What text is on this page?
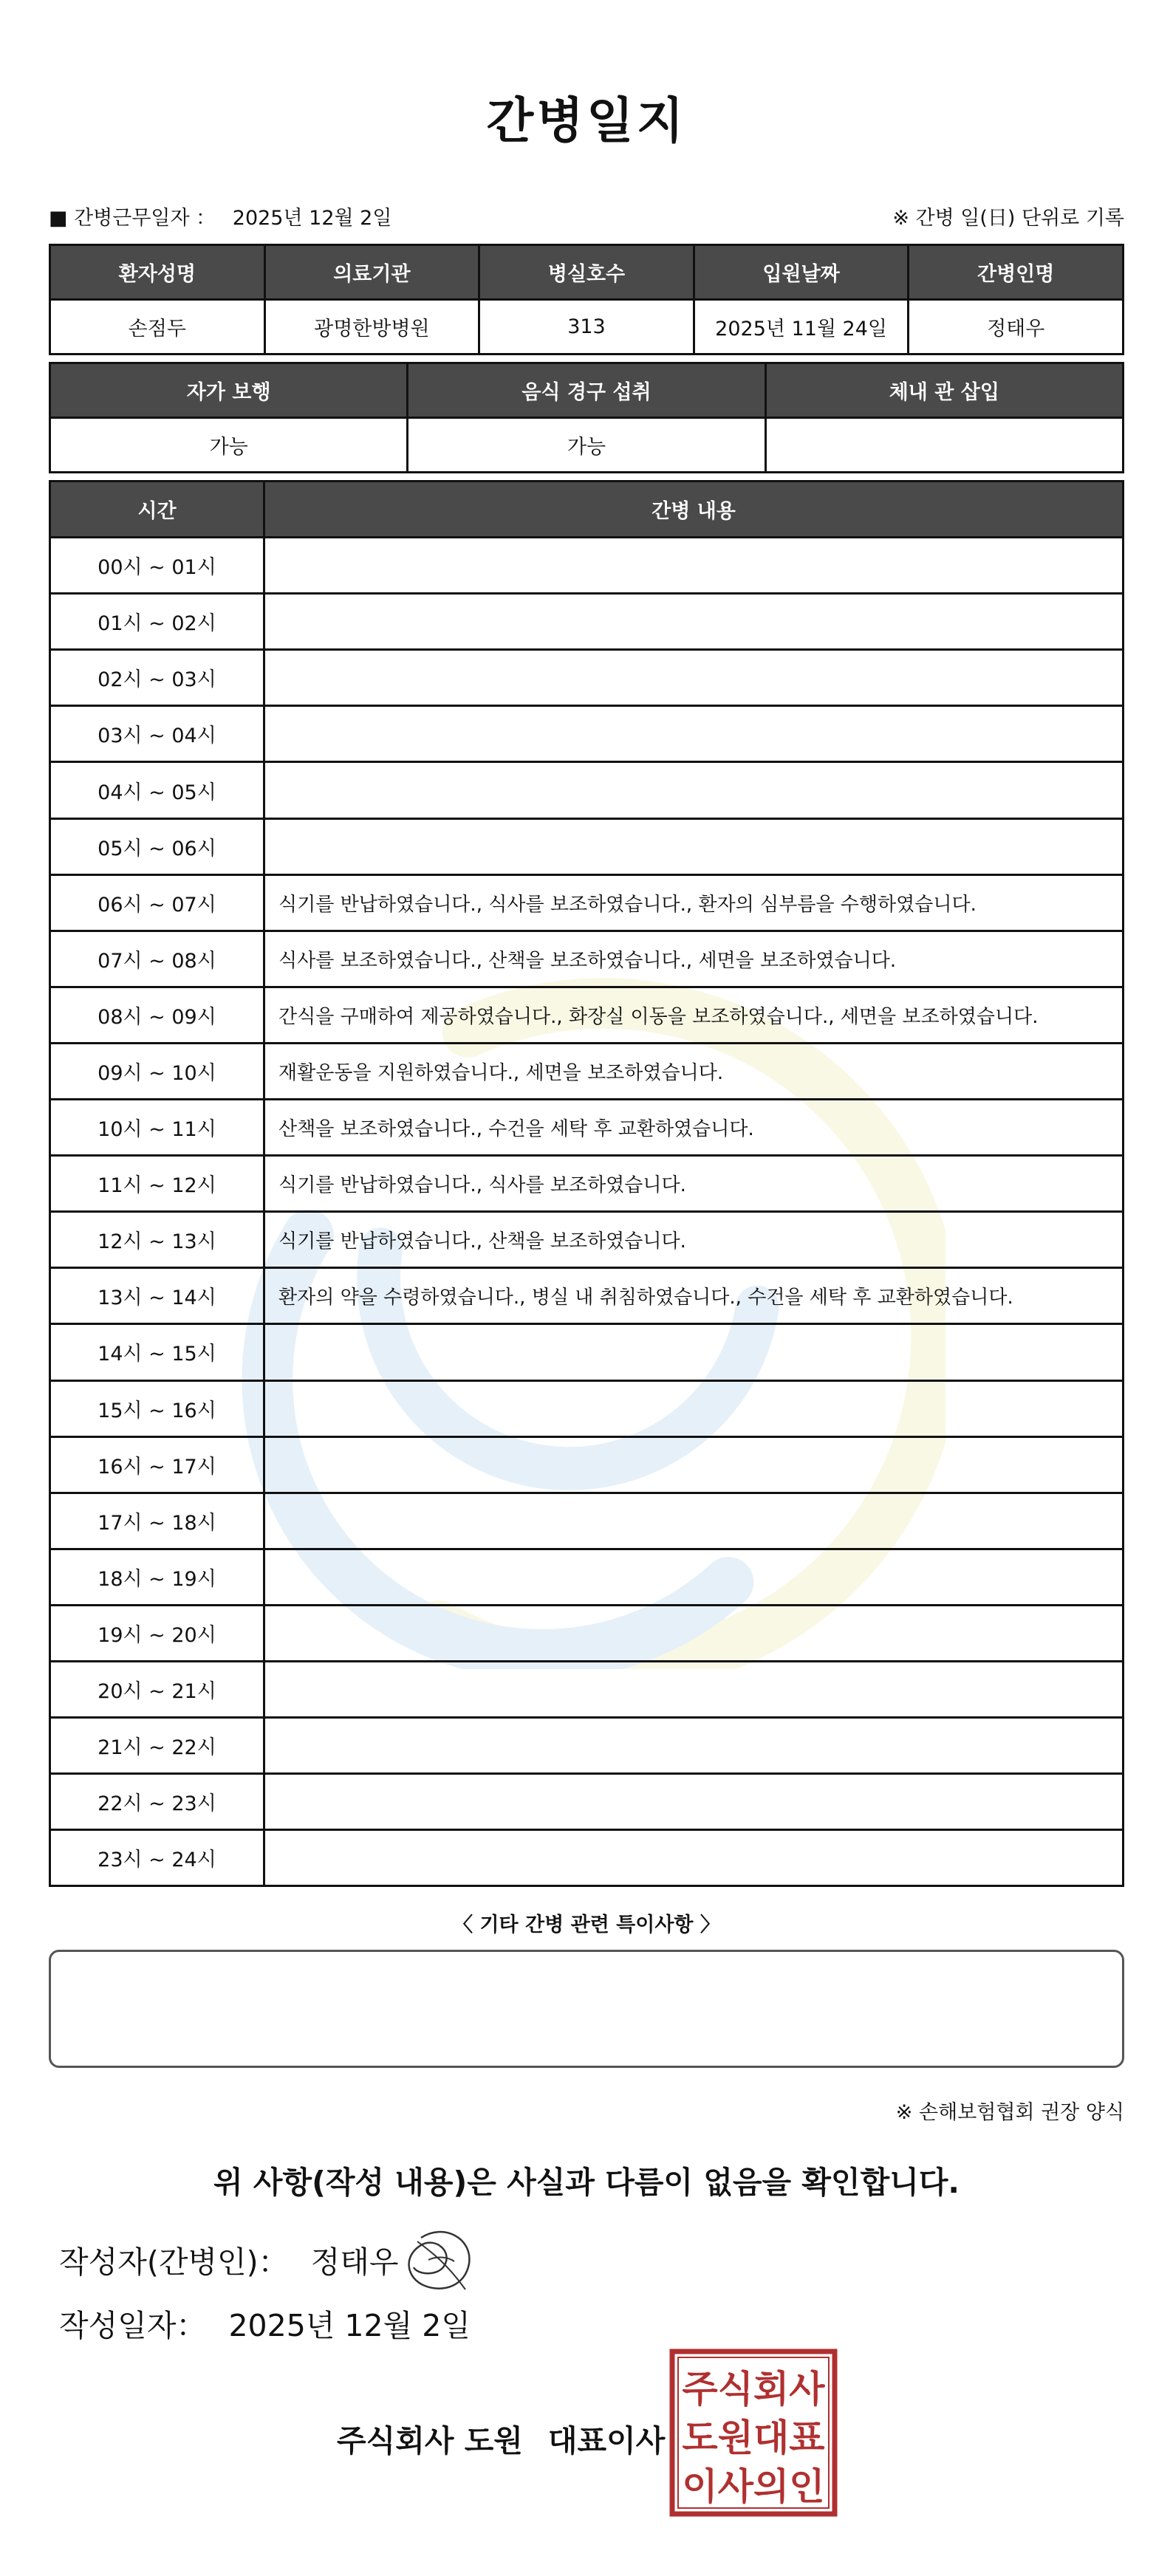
간병일지
■ 간병근무일자 ： 2025년 12월 2일	※ 간병 일(日) 단위로 기록
환자성명	의료기관	병실호수	입원날짜	간병인명
손점두	광명한방병원	313	2025년 11월 24일	정태우
자가 보행	음식 경구 섭취	체내 관 삽입
가능	가능	
시간	간병 내용
00시 ~ 01시	
01시 ~ 02시	
02시 ~ 03시	
03시 ~ 04시	
04시 ~ 05시	
05시 ~ 06시	
06시 ~ 07시	식기를 반납하였습니다., 식사를 보조하였습니다., 환자의 심부름을 수행하였습니다.
07시 ~ 08시	식사를 보조하였습니다., 산책을 보조하였습니다., 세면을 보조하였습니다.
08시 ~ 09시	간식을 구매하여 제공하였습니다., 화장실 이동을 보조하였습니다., 세면을 보조하였습니다.
09시 ~ 10시	재활운동을 지원하였습니다., 세면을 보조하였습니다.
10시 ~ 11시	산책을 보조하였습니다., 수건을 세탁 후 교환하였습니다.
11시 ~ 12시	식기를 반납하였습니다., 식사를 보조하였습니다.
12시 ~ 13시	식기를 반납하였습니다., 산책을 보조하였습니다.
13시 ~ 14시	환자의 약을 수령하였습니다., 병실 내 취침하였습니다., 수건을 세탁 후 교환하였습니다.
14시 ~ 15시	
15시 ~ 16시	
16시 ~ 17시	
17시 ~ 18시	
18시 ~ 19시	
19시 ~ 20시	
20시 ~ 21시	
21시 ~ 22시	
22시 ~ 23시	
23시 ~ 24시	
〈 기타 간병 관련 특이사항 〉
※ 손해보험협회 권장 양식
위 사항(작성 내용)은 사실과 다름이 없음을 확인합니다.
작성자(간병인)： 정태우
작성일자： 2025년 12월 2일
주식회사 도원 대표이사
주식회사
도원대표
이사의인
